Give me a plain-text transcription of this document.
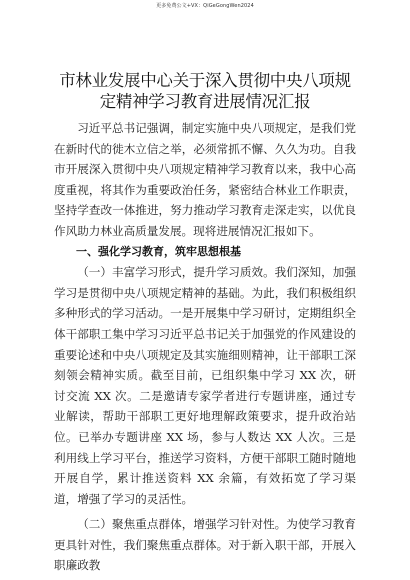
更多免费公文+VX：QiGeGongWen2024
市林业发展中心关于深入贯彻中央八项规定精神学习教育进展情况汇报

习近平总书记强调，制定实施中央八项规定，是我们党在新时代的徙木立信之举，必须常抓不懈、久久为功。自我市开展深入贯彻中央八项规定精神学习教育以来，我中心高度重视，将其作为重要政治任务，紧密结合林业工作职责，坚持学查改一体推进，努力推动学习教育走深走实，以优良作风助力林业高质量发展。现将进展情况汇报如下。

一、强化学习教育，筑牢思想根基

（一）丰富学习形式，提升学习质效。我们深知，加强学习是贯彻中央八项规定精神的基础。为此，我们积极组织多种形式的学习活动。一是开展集中学习研讨，定期组织全体干部职工集中学习习近平总书记关于加强党的作风建设的重要论述和中央八项规定及其实施细则精神，让干部职工深刻领会精神实质。截至目前，已组织集中学习 XX 次，研讨交流 XX 次。二是邀请专家学者进行专题讲座，通过专业解读，帮助干部职工更好地理解政策要求，提升政治站位。已举办专题讲座 XX 场，参与人数达 XX 人次。三是利用线上学习平台，推送学习资料，方便干部职工随时随地开展自学，累计推送资料 XX 余篇，有效拓宽了学习渠道，增强了学习的灵活性。

（二）聚焦重点群体，增强学习针对性。为使学习教育更具针对性，我们聚焦重点群体。对于新入职干部，开展入职廉政教
